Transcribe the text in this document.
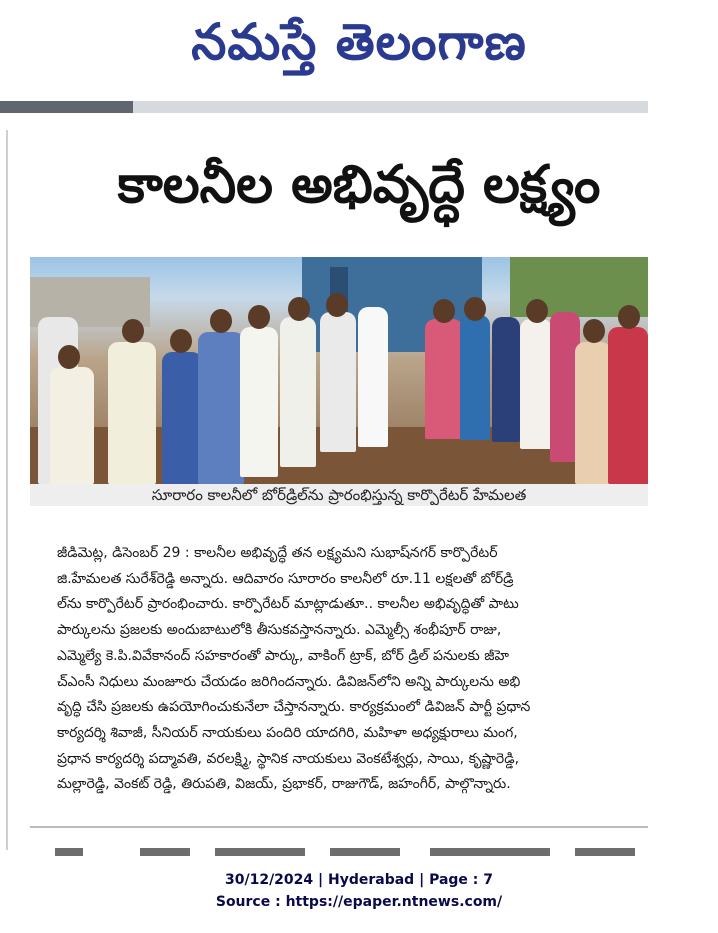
నమస్తే తెలంగాణ
కాలనీల అభివృద్ధే లక్ష్యం
సూరారం కాలనీలో బోర్‌డ్రిల్‌ను ప్రారంభిస్తున్న కార్పొరేటర్ హేమలత
జీడిమెట్ల, డిసెంబర్ 29 : కాలనీల అభివృద్ధే తన లక్ష్యమని సుభాష్‌నగర్ కార్పొరేటర్
జి.హేమలత సురేశ్‌రెడ్డి అన్నారు. ఆదివారం సూరారం కాలనీలో రూ.11 లక్షలతో బోర్‌డ్రి
ల్‌ను కార్పొరేటర్ ప్రారంభించారు. కార్పొరేటర్ మాట్లాడుతూ.. కాలనీల అభివృద్ధితో పాటు
పార్కులను ప్రజలకు అందుబాటులోకి తీసుకవస్తానన్నారు. ఎమ్మెల్సీ శంభీపూర్ రాజు,
ఎమ్మెల్యే కె.పి.వివేకానంద్ సహకారంతో పార్కు, వాకింగ్ ట్రాక్, బోర్ డ్రిల్ పనులకు జీహె
చ్ఎంసీ నిధులు మంజూరు చేయడం జరిగిందన్నారు. డివిజన్‌లోని అన్ని పార్కులను అభి
వృద్ధి చేసి ప్రజలకు ఉపయోగించుకునేలా చేస్తానన్నారు. కార్యక్రమంలో డివిజన్ పార్టీ ప్రధాన
కార్యదర్శి శివాజీ, సీనియర్ నాయకులు పందిరి యాదగిరి, మహిళా అధ్యక్షురాలు మంగ,
ప్రధాన కార్యదర్శి పద్మావతి, వరలక్ష్మి, స్థానిక నాయకులు వెంకటేశ్వర్లు, సాయి, కృష్ణారెడ్డి,
మల్లారెడ్డి, వెంకట్ రెడ్డి, తిరుపతి, విజయ్, ప్రభాకర్, రాజుగౌడ్, జహంగీర్, పాల్గొన్నారు.
30/12/2024 | Hyderabad | Page : 7
Source : https://epaper.ntnews.com/
